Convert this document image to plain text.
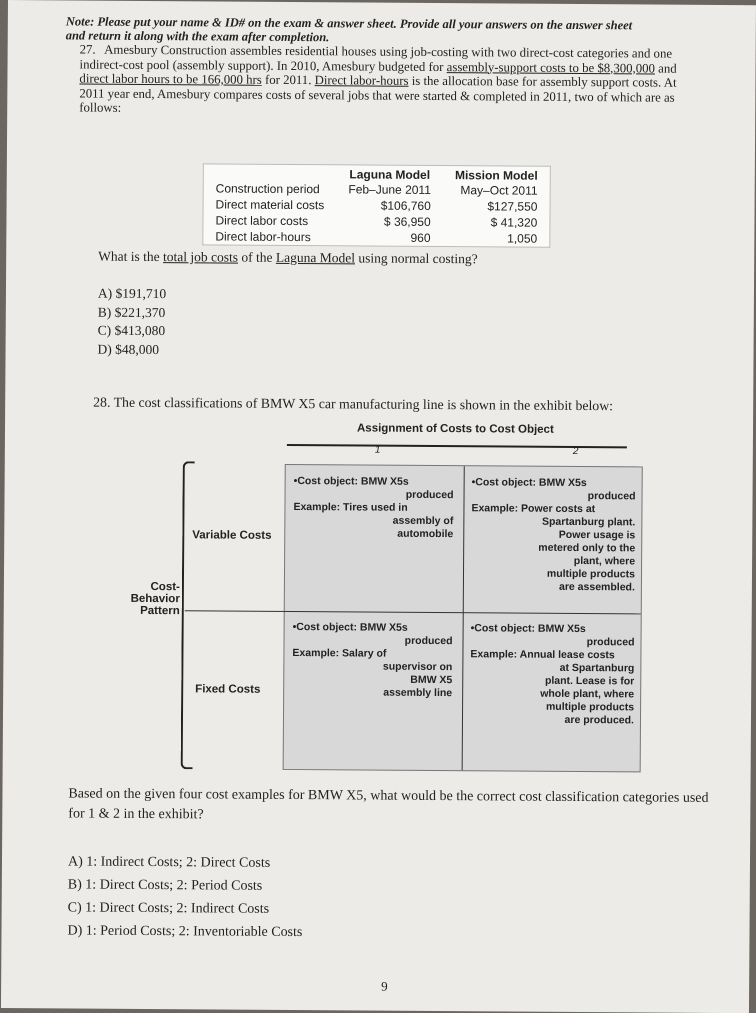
Note: Please put your name & ID# on the exam & answer sheet. Provide all your answers on the answer sheet
and return it along with the exam after completion.
27. Amesbury Construction assembles residential houses using job-costing with two direct-cost categories and one indirect-cost pool (assembly support). In 2010, Amesbury budgeted for assembly-support costs to be $8,300,000 and direct labor hours to be 166,000 hrs for 2011. Direct labor-hours is the allocation base for assembly support costs. At 2011 year end, Amesbury compares costs of several jobs that were started & completed in 2011, two of which are as follows:
	Laguna Model	Mission Model
Construction period	Feb–June 2011	May–Oct 2011
Direct material costs	$106,760	$127,550
Direct labor costs	$ 36,950	$ 41,320
Direct labor-hours	960	1,050
What is the total job costs of the Laguna Model using normal costing?
A) $191,710
B) $221,370
C) $413,080
D) $48,000
28. The cost classifications of BMW X5 car manufacturing line is shown in the exhibit below:
Assignment of Costs to Cost Object
1	2
Cost-
Behavior
Pattern
Variable Costs
Fixed Costs
• Cost object: BMW X5s
produced
Example: Tires used in
assembly of
automobile
• Cost object: BMW X5s
produced
Example: Power costs at
Spartanburg plant.
Power usage is
metered only to the
plant, where
multiple products
are assembled.
• Cost object: BMW X5s
produced
Example: Salary of
supervisor on
BMW X5
assembly line
• Cost object: BMW X5s
produced
Example: Annual lease costs
at Spartanburg
plant. Lease is for
whole plant, where
multiple products
are produced.
Based on the given four cost examples for BMW X5, what would be the correct cost classification categories used for 1 & 2 in the exhibit?
A) 1: Indirect Costs; 2: Direct Costs
B) 1: Direct Costs; 2: Period Costs
C) 1: Direct Costs; 2: Indirect Costs
D) 1: Period Costs; 2: Inventoriable Costs
9
